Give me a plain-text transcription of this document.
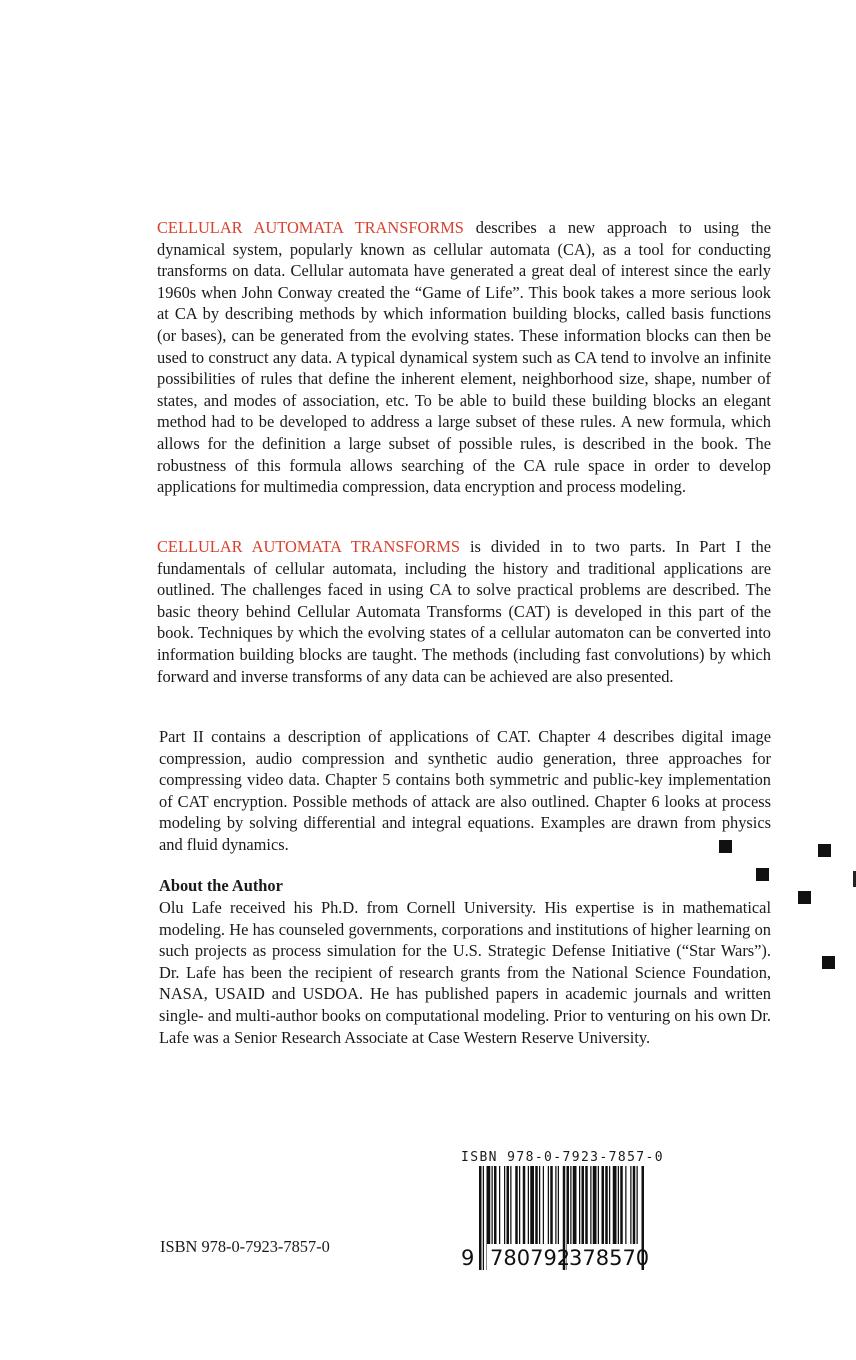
CELLULAR AUTOMATA TRANSFORMS describes a new approach to using the dynamical system, popularly known as cellular automata (CA), as a tool for conducting transforms on data. Cellular automata have generated a great deal of interest since the early 1960s when John Conway created the “Game of Life”. This book takes a more serious look at CA by describing methods by which information building blocks, called basis functions (or bases), can be generated from the evolving states. These information blocks can then be used to construct any data. A typical dynamical system such as CA tend to involve an infinite possibilities of rules that define the inherent element, neighborhood size, shape, number of states, and modes of association, etc. To be able to build these building blocks an elegant method had to be developed to address a large subset of these rules. A new formula, which allows for the definition a large subset of possible rules, is described in the book. The robustness of this formula allows searching of the CA rule space in order to develop applications for multimedia compression, data encryption and process modeling.

CELLULAR AUTOMATA TRANSFORMS is divided in to two parts. In Part I the fundamentals of cellular automata, including the history and traditional applications are outlined. The challenges faced in using CA to solve practical problems are described. The basic theory behind Cellular Automata Transforms (CAT) is developed in this part of the book. Techniques by which the evolving states of a cellular automaton can be converted into information building blocks are taught. The methods (including fast convolutions) by which forward and inverse transforms of any data can be achieved are also presented.

Part II contains a description of applications of CAT. Chapter 4 describes digital image compression, audio compression and synthetic audio generation, three approaches for compressing video data. Chapter 5 contains both symmetric and public-key implementation of CAT encryption. Possible methods of attack are also outlined. Chapter 6 looks at process modeling by solving differential and integral equations. Examples are drawn from physics and fluid dynamics.

About the Author

Olu Lafe received his Ph.D. from Cornell University. His expertise is in mathematical modeling. He has counseled governments, corporations and institutions of higher learning on such projects as process simulation for the U.S. Strategic Defense Initiative (“Star Wars”). Dr. Lafe has been the recipient of research grants from the National Science Foundation, NASA, USAID and USDOA. He has published papers in academic journals and written single- and multi-author books on computational modeling. Prior to venturing on his own Dr. Lafe was a Senior Research Associate at Case Western Reserve University.

ISBN 978-0-7923-7857-0
ISBN 978-0-7923-7857-0
9 780792
378570
